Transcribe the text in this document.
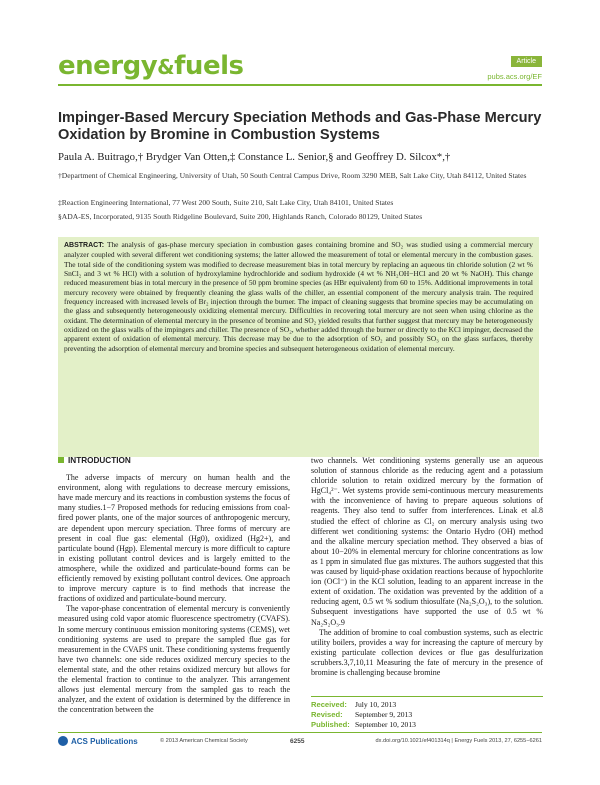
energy&fuels	Article
pubs.acs.org/EF
Impinger-Based Mercury Speciation Methods and Gas-Phase Mercury Oxidation by Bromine in Combustion Systems
Paula A. Buitrago,† Brydger Van Otten,‡ Constance L. Senior,§ and Geoffrey D. Silcox*,†
†Department of Chemical Engineering, University of Utah, 50 South Central Campus Drive, Room 3290 MEB, Salt Lake City, Utah 84112, United States
‡Reaction Engineering International, 77 West 200 South, Suite 210, Salt Lake City, Utah 84101, United States
§ADA-ES, Incorporated, 9135 South Ridgeline Boulevard, Suite 200, Highlands Ranch, Colorado 80129, United States
ABSTRACT: The analysis of gas-phase mercury speciation in combustion gases containing bromine and SO₂ was studied using a commercial mercury analyzer coupled with several different wet conditioning systems; the latter allowed the measurement of total or elemental mercury in the combustion gases. The total side of the conditioning system was modified to decrease measurement bias in total mercury by replacing an aqueous tin chloride solution (2 wt % SnCl₂ and 3 wt % HCl) with a solution of hydroxylamine hydrochloride and sodium hydroxide (4 wt % NH₂OH−HCl and 20 wt % NaOH). This change reduced measurement bias in total mercury in the presence of 50 ppm bromine species (as HBr equivalent) from 60 to 15%. Additional improvements in total mercury recovery were obtained by frequently cleaning the glass walls of the chiller, an essential component of the mercury analysis train. The required frequency increased with increased levels of Br₂ injection through the burner. The impact of cleaning suggests that bromine species may be accumulating on the glass and subsequently heterogeneously oxidizing elemental mercury. Difficulties in recovering total mercury are not seen when using chlorine as the oxidant. The determination of elemental mercury in the presence of bromine and SO₂ yielded results that further suggest that mercury may be heterogeneously oxidized on the glass walls of the impingers and chiller. The presence of SO₂, whether added through the burner or directly to the KCl impinger, decreased the apparent extent of oxidation of elemental mercury. This decrease may be due to the adsorption of SO₂ and possibly SO₃ on the glass surfaces, thereby preventing the adsorption of elemental mercury and bromine species and subsequent heterogeneous oxidation of elemental mercury.
INTRODUCTION

The adverse impacts of mercury on human health and the environment, along with regulations to decrease mercury emissions, have made mercury and its reactions in combustion systems the focus of many studies.1−7 Proposed methods for reducing emissions from coal-fired power plants, one of the major sources of anthropogenic mercury, are dependent upon mercury speciation. Three forms of mercury are present in coal flue gas: elemental (Hg0), oxidized (Hg2+), and particulate bound (Hgp). Elemental mercury is more difficult to capture in existing pollutant control devices and is largely emitted to the atmosphere, while the oxidized and particulate-bound forms can be efficiently removed by existing pollutant control devices. One approach to improve mercury capture is to find methods that increase the fractions of oxidized and particulate-bound mercury.

The vapor-phase concentration of elemental mercury is conveniently measured using cold vapor atomic fluorescence spectrometry (CVAFS). In some mercury continuous emission monitoring systems (CEMS), wet conditioning systems are used to prepare the sampled flue gas for measurement in the CVAFS unit. These conditioning systems frequently have two channels: one side reduces oxidized mercury species to the elemental state, and the other retains oxidized mercury but allows for the elemental fraction to continue to the analyzer. This arrangement allows just elemental mercury from the sampled gas to reach the analyzer, and the extent of oxidation is determined by the difference in the concentration between the

two channels. Wet conditioning systems generally use an aqueous solution of stannous chloride as the reducing agent and a potassium chloride solution to retain oxidized mercury by the formation of HgCl₄²⁻. Wet systems provide semi-continuous mercury measurements with the inconvenience of having to prepare aqueous solutions of reagents. They also tend to suffer from interferences. Linak et al.8 studied the effect of chlorine as Cl₂ on mercury analysis using two different wet conditioning systems: the Ontario Hydro (OH) method and the alkaline mercury speciation method. They observed a bias of about 10−20% in elemental mercury for chlorine concentrations as low as 1 ppm in simulated flue gas mixtures. The authors suggested that this was caused by liquid-phase oxidation reactions because of hypochlorite ion (OCl⁻) in the KCl solution, leading to an apparent increase in the extent of oxidation. The oxidation was prevented by the addition of a reducing agent, 0.5 wt % sodium thiosulfate (Na₂S₂O₃), to the solution. Subsequent investigations have supported the use of 0.5 wt % Na₂S₂O₃.9

The addition of bromine to coal combustion systems, such as electric utility boilers, provides a way for increasing the capture of mercury by existing particulate collection devices or flue gas desulfurization scrubbers.3,7,10,11 Measuring the fate of mercury in the presence of bromine is challenging because bromine

Received: July 10, 2013
Revised: September 9, 2013
Published: September 10, 2013
ACS Publications	© 2013 American Chemical Society	6255	dx.doi.org/10.1021/ef401314q | Energy Fuels 2013, 27, 6255−6261
